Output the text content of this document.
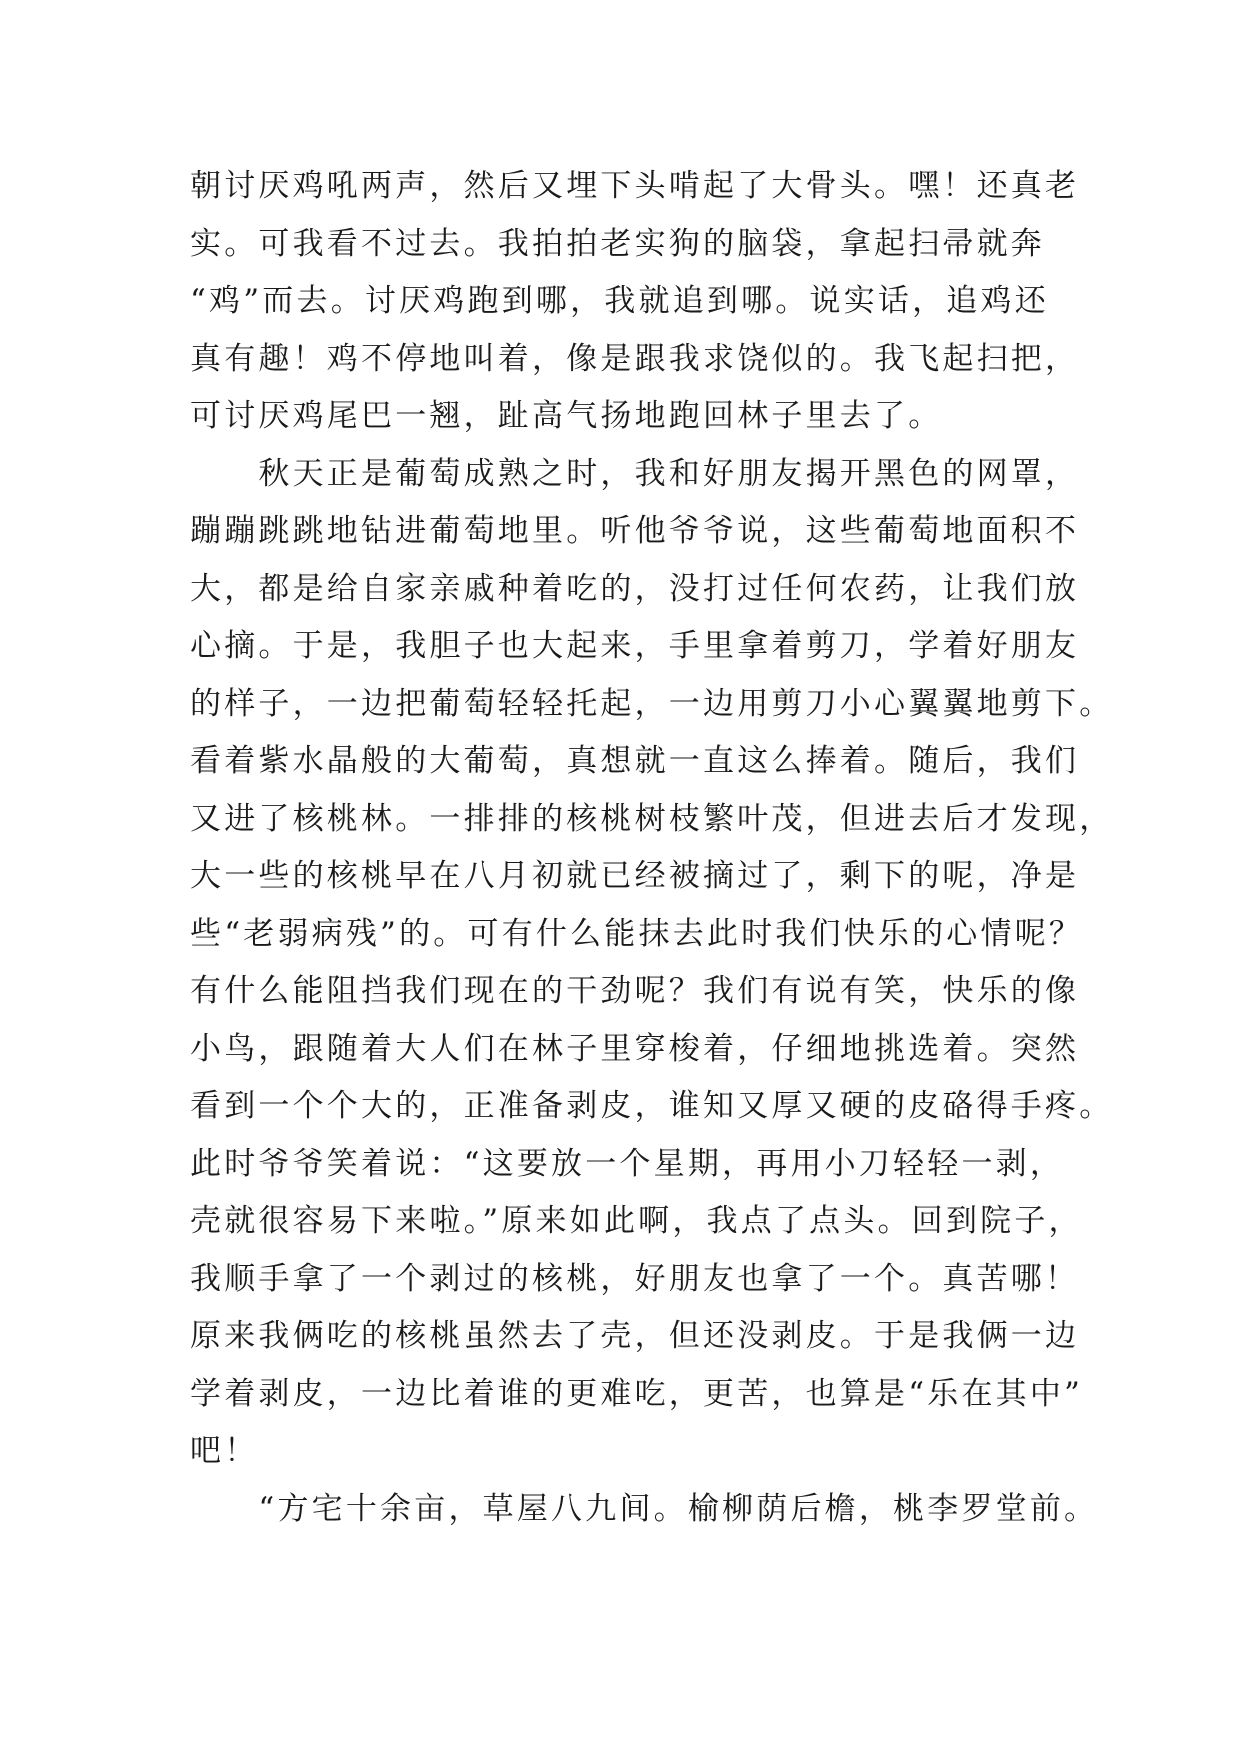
朝讨厌鸡吼两声，然后又埋下头啃起了大骨头。嘿！还真老
实。可我看不过去。我拍拍老实狗的脑袋，拿起扫帚就奔
“鸡”而去。讨厌鸡跑到哪，我就追到哪。说实话，追鸡还
真有趣！鸡不停地叫着，像是跟我求饶似的。我飞起扫把，
可讨厌鸡尾巴一翘，趾高气扬地跑回林子里去了。
　　秋天正是葡萄成熟之时，我和好朋友揭开黑色的网罩，
蹦蹦跳跳地钻进葡萄地里。听他爷爷说，这些葡萄地面积不
大，都是给自家亲戚种着吃的，没打过任何农药，让我们放
心摘。于是，我胆子也大起来，手里拿着剪刀，学着好朋友
的样子，一边把葡萄轻轻托起，一边用剪刀小心翼翼地剪下。
看着紫水晶般的大葡萄，真想就一直这么捧着。随后，我们
又进了核桃林。一排排的核桃树枝繁叶茂，但进去后才发现，
大一些的核桃早在八月初就已经被摘过了，剩下的呢，净是
些“老弱病残”的。可有什么能抹去此时我们快乐的心情呢？
有什么能阻挡我们现在的干劲呢？我们有说有笑，快乐的像
小鸟，跟随着大人们在林子里穿梭着，仔细地挑选着。突然
看到一个个大的，正准备剥皮，谁知又厚又硬的皮硌得手疼。
此时爷爷笑着说：“这要放一个星期，再用小刀轻轻一剥，
壳就很容易下来啦。”原来如此啊，我点了点头。回到院子，
我顺手拿了一个剥过的核桃，好朋友也拿了一个。真苦哪！
原来我俩吃的核桃虽然去了壳，但还没剥皮。于是我俩一边
学着剥皮，一边比着谁的更难吃，更苦，也算是“乐在其中”
吧！
　　“方宅十余亩，草屋八九间。榆柳荫后檐，桃李罗堂前。
